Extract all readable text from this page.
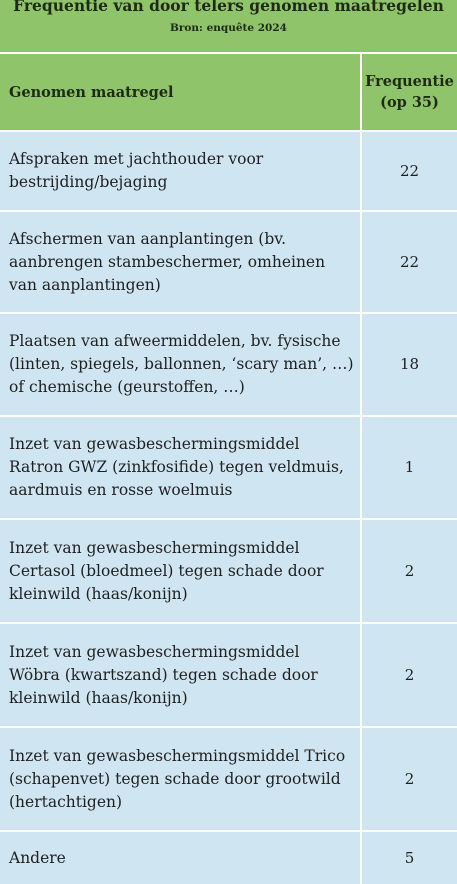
Frequentie van door telers genomen maatregelen
Bron: enquête 2024
Genomen maatregel	Frequentie
(op 35)
Afspraken met jachthouder voor bestrijding/bejaging	22
Afschermen van aanplantingen (bv. aanbrengen stambeschermer, omheinen van aanplantingen)	22
Plaatsen van afweermiddelen, bv. fysische (linten, spiegels, ballonnen, ‘scary man’, …) of chemische (geurstoffen, …)	18
Inzet van gewasbeschermingsmiddel Ratron GWZ (zinkfosifide) tegen veldmuis, aardmuis en rosse woelmuis	1
Inzet van gewasbeschermingsmiddel Certasol (bloedmeel) tegen schade door kleinwild (haas/konijn)	2
Inzet van gewasbeschermingsmiddel Wöbra (kwartszand) tegen schade door kleinwild (haas/konijn)	2
Inzet van gewasbeschermingsmiddel Trico (schapenvet) tegen schade door grootwild (hertachtigen)	2
Andere	5
